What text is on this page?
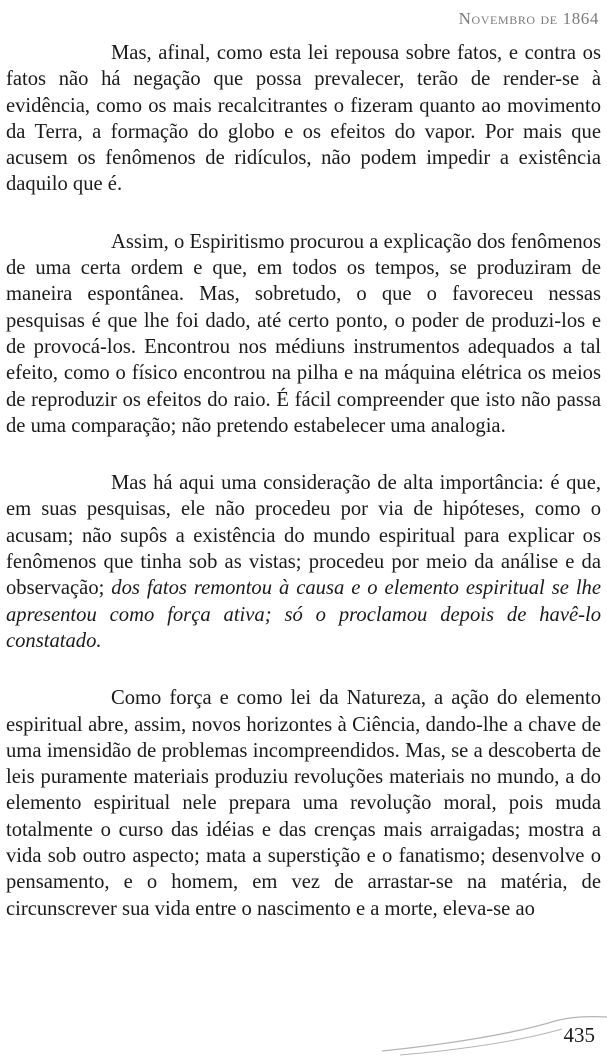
Novembro de 1864

Mas, afinal, como esta lei repousa sobre fatos, e contra os fatos não há negação que possa prevalecer, terão de render-se à evidência, como os mais recalcitrantes o fizeram quanto ao movimento da Terra, a formação do globo e os efeitos do vapor. Por mais que acusem os fenômenos de ridículos, não podem impedir a existência daquilo que é.

Assim, o Espiritismo procurou a explicação dos fenômenos de uma certa ordem e que, em todos os tempos, se produziram de maneira espontânea. Mas, sobretudo, o que o favoreceu nessas pesquisas é que lhe foi dado, até certo ponto, o poder de produzi-los e de provocá-los. Encontrou nos médiuns instrumentos adequados a tal efeito, como o físico encontrou na pilha e na máquina elétrica os meios de reproduzir os efeitos do raio. É fácil compreender que isto não passa de uma comparação; não pretendo estabelecer uma analogia.

Mas há aqui uma consideração de alta importância: é que, em suas pesquisas, ele não procedeu por via de hipóteses, como o acusam; não supôs a existência do mundo espiritual para explicar os fenômenos que tinha sob as vistas; procedeu por meio da análise e da observação; dos fatos remontou à causa e o elemento espiritual se lhe apresentou como força ativa; só o proclamou depois de havê-lo constatado.

Como força e como lei da Natureza, a ação do elemento espiritual abre, assim, novos horizontes à Ciência, dando-lhe a chave de uma imensidão de problemas incompreendidos. Mas, se a descoberta de leis puramente materiais produziu revoluções materiais no mundo, a do elemento espiritual nele prepara uma revolução moral, pois muda totalmente o curso das idéias e das crenças mais arraigadas; mostra a vida sob outro aspecto; mata a superstição e o fanatismo; desenvolve o pensamento, e o homem, em vez de arrastar-se na matéria, de circunscrever sua vida entre o nascimento e a morte, eleva-se ao

435
